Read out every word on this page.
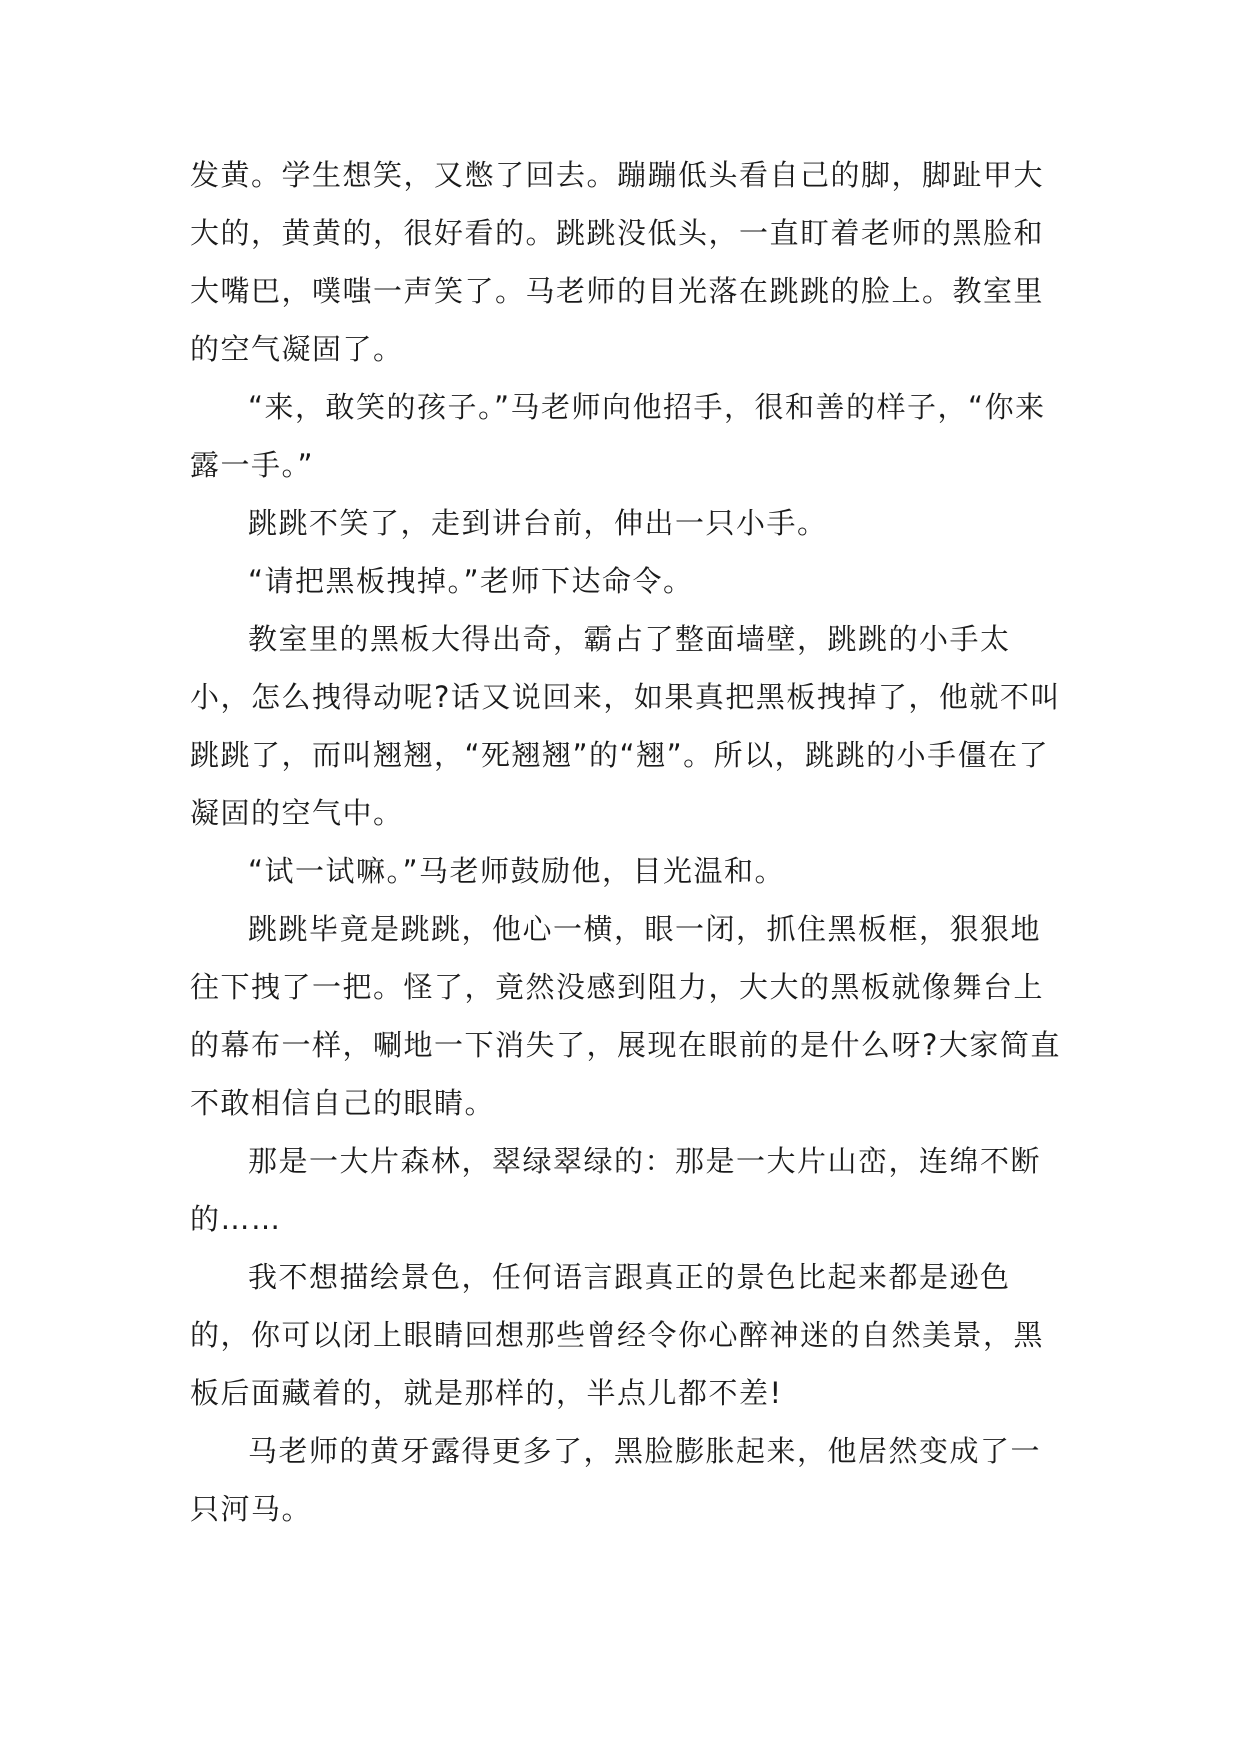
发黄。学生想笑，又憋了回去。蹦蹦低头看自己的脚，脚趾甲大大的，黄黄的，很好看的。跳跳没低头，一直盯着老师的黑脸和大嘴巴，噗嗤一声笑了。马老师的目光落在跳跳的脸上。教室里的空气凝固了。

“来，敢笑的孩子。”马老师向他招手，很和善的样子，“你来露一手。”

跳跳不笑了，走到讲台前，伸出一只小手。

“请把黑板拽掉。”老师下达命令。

教室里的黑板大得出奇，霸占了整面墙壁，跳跳的小手太小，怎么拽得动呢?话又说回来，如果真把黑板拽掉了，他就不叫跳跳了，而叫翘翘，“死翘翘”的“翘”。所以，跳跳的小手僵在了凝固的空气中。

“试一试嘛。”马老师鼓励他，目光温和。

跳跳毕竟是跳跳，他心一横，眼一闭，抓住黑板框，狠狠地往下拽了一把。怪了，竟然没感到阻力，大大的黑板就像舞台上的幕布一样，唰地一下消失了，展现在眼前的是什么呀?大家简直不敢相信自己的眼睛。

那是一大片森林，翠绿翠绿的：那是一大片山峦，连绵不断的……

我不想描绘景色，任何语言跟真正的景色比起来都是逊色的，你可以闭上眼睛回想那些曾经令你心醉神迷的自然美景，黑板后面藏着的，就是那样的，半点儿都不差!

马老师的黄牙露得更多了，黑脸膨胀起来，他居然变成了一只河马。
